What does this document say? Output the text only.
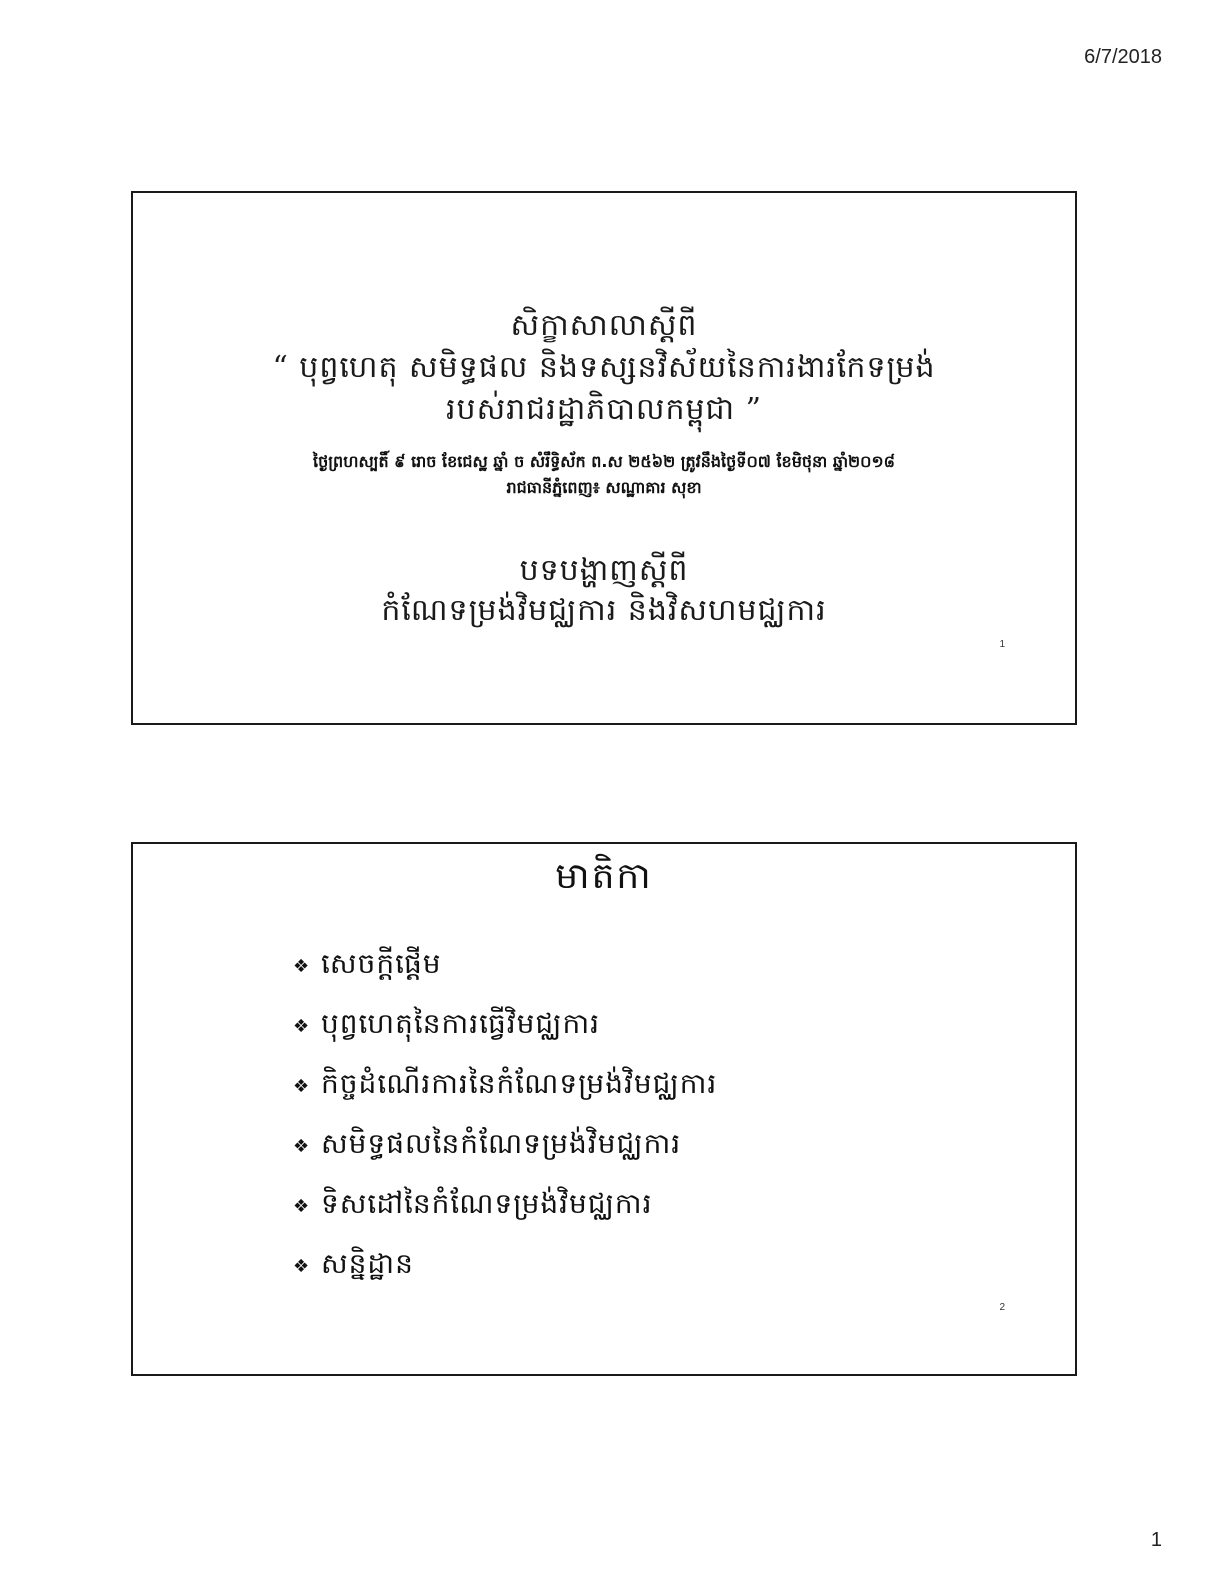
6/7/2018
សិក្ខាសាលាស្តីពី
“ បុព្វហេតុ សមិទ្ធផល និងទស្សនវិស័យនៃការងារកែទម្រង់
របស់រាជរដ្ឋាភិបាលកម្ពុជា ”
ថ្ងៃព្រហស្បតិ៍ ៩ រោច ខែជេស្ឋ ឆ្នាំ ច សំរឹទ្ធិស័ក ព.ស ២៥៦២ ត្រូវនឹងថ្ងៃទី០៧ ខែមិថុនា ឆ្នាំ២០១៨
រាជធានីភ្នំពេញ៖ សណ្ឋាគារ សុខា
បទបង្ហាញស្តីពី
កំណែទម្រង់វិមជ្ឈការ និងវិសហមជ្ឈការ
1
មាតិកា
❖ សេចក្តីផ្តើម
❖ បុព្វហេតុនៃការធ្វើវិមជ្ឈការ
❖ កិច្ចដំណើរការនៃកំណែទម្រង់វិមជ្ឈការ
❖ សមិទ្ធផលនៃកំណែទម្រង់វិមជ្ឈការ
❖ ទិសដៅនៃកំណែទម្រង់វិមជ្ឈការ
❖ សន្និដ្ឋាន
2
1
